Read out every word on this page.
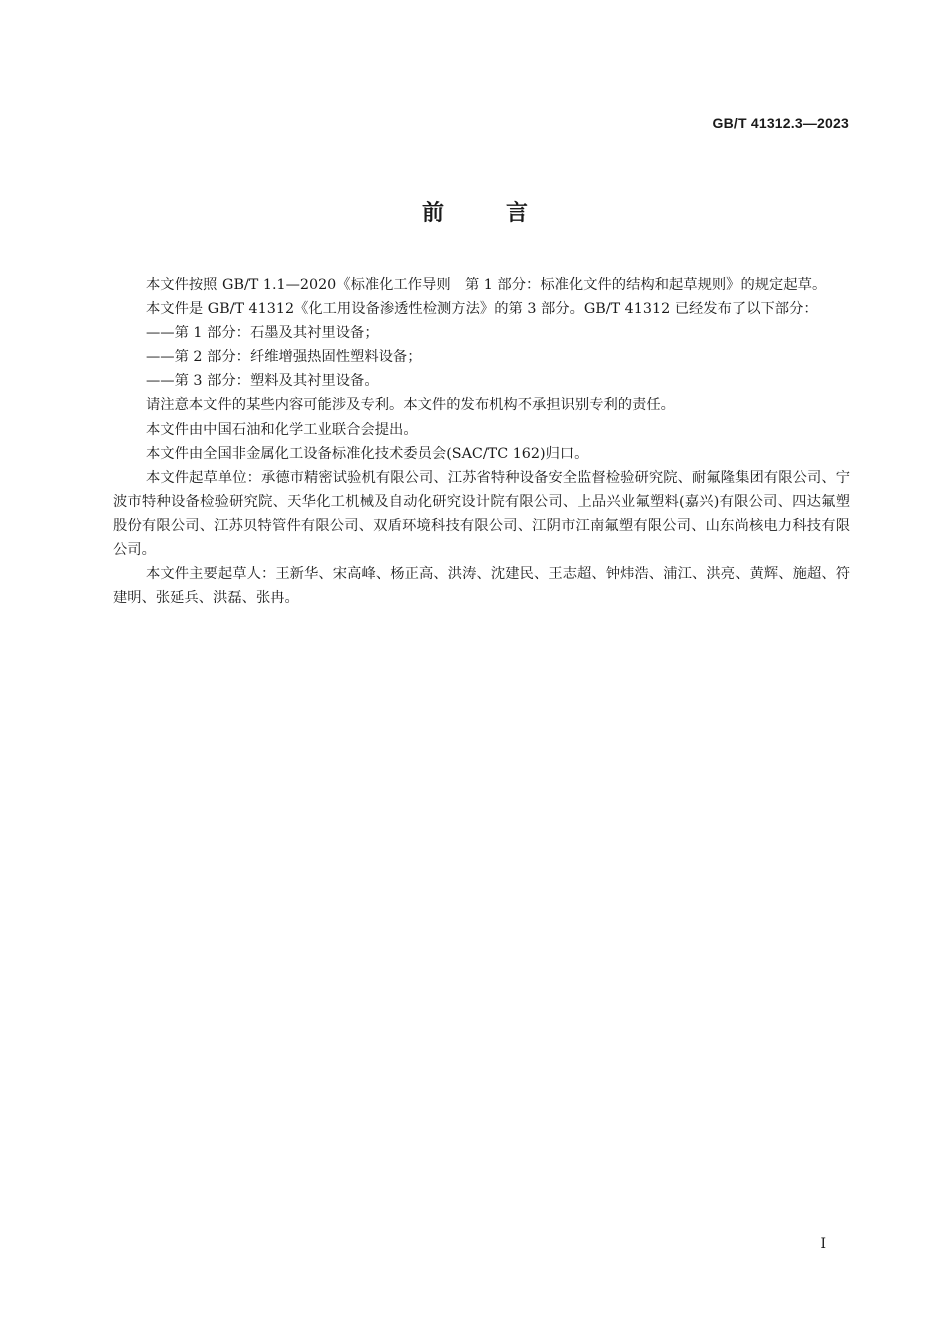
GB/T 41312.3—2023
前言

本文件按照 GB/T 1.1—2020《标准化工作导则　第 1 部分：标准化文件的结构和起草规则》的规定起草。

本文件是 GB/T 41312《化工用设备渗透性检测方法》的第 3 部分。GB/T 41312 已经发布了以下部分：

——第 1 部分：石墨及其衬里设备；

——第 2 部分：纤维增强热固性塑料设备；

——第 3 部分：塑料及其衬里设备。

请注意本文件的某些内容可能涉及专利。本文件的发布机构不承担识别专利的责任。

本文件由中国石油和化学工业联合会提出。

本文件由全国非金属化工设备标准化技术委员会(SAC/TC 162)归口。

本文件起草单位：承德市精密试验机有限公司、江苏省特种设备安全监督检验研究院、耐氟隆集团有限公司、宁波市特种设备检验研究院、天华化工机械及自动化研究设计院有限公司、上品兴业氟塑料(嘉兴)有限公司、四达氟塑股份有限公司、江苏贝特管件有限公司、双盾环境科技有限公司、江阴市江南氟塑有限公司、山东尚核电力科技有限公司。

本文件主要起草人：王新华、宋高峰、杨正高、洪涛、沈建民、王志超、钟炜浩、浦江、洪亮、黄辉、施超、符建明、张延兵、洪磊、张冉。

I
